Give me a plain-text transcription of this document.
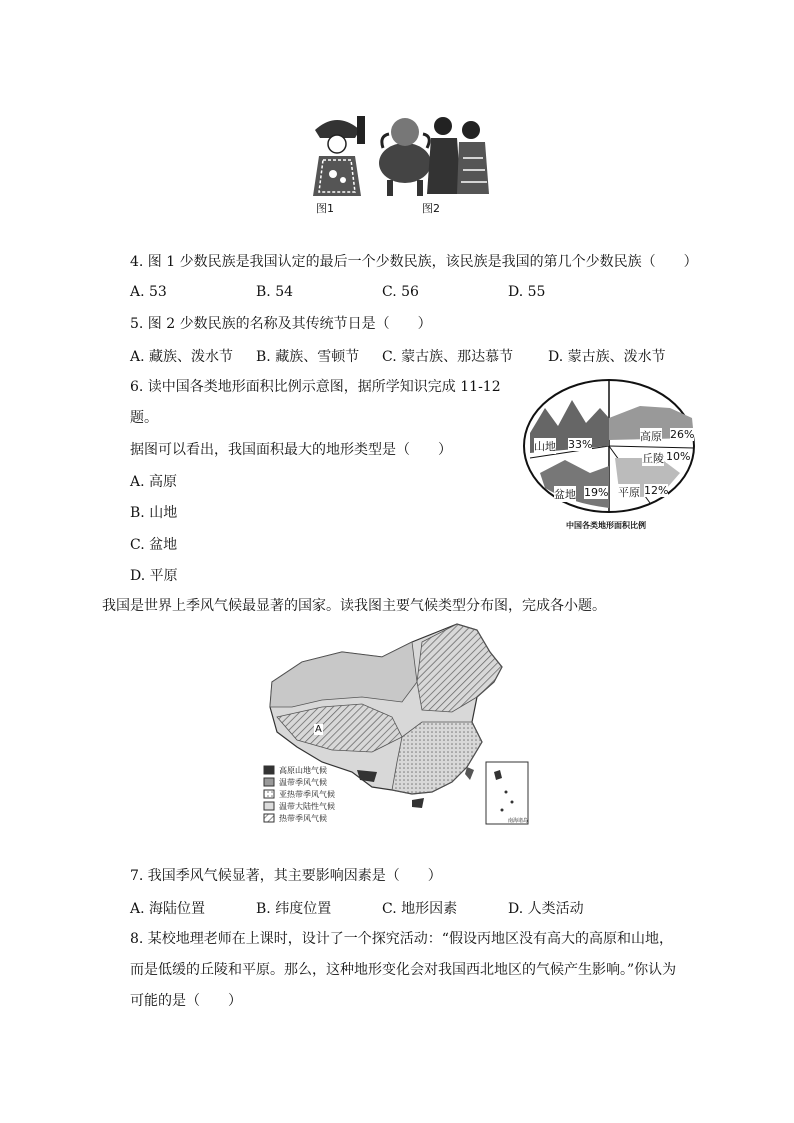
图1	图2
4. 图 1 少数民族是我国认定的最后一个少数民族，该民族是我国的第几个少数民族（　　）
A. 53	B. 54	C. 56	D. 55
5. 图 2 少数民族的名称及其传统节日是（　　）
A. 藏族、泼水节 B. 藏族、雪顿节 C. 蒙古族、那达慕节 D. 蒙古族、泼水节
6. 读中国各类地形面积比例示意图，据所学知识完成 11-12
题。
据图可以看出，我国面积最大的地形类型是（　　）
A. 高原
B. 山地
C. 盆地
D. 平原
山地 33%
高原 26%
丘陵 10%
盆地 19% 平原 12%
中国各类地形面积比例
我国是世界上季风气候最显著的国家。读我图主要气候类型分布图，完成各小题。
A
高原山地气候
温带季风气候
亚热带季风气候
温带大陆性气候
热带季风气候	南海诸岛
7. 我国季风气候显著，其主要影响因素是（　　）
A. 海陆位置	B. 纬度位置	C. 地形因素	D. 人类活动
8. 某校地理老师在上课时，设计了一个探究活动：“假设丙地区没有高大的高原和山地，
而是低缓的丘陵和平原。那么，这种地形变化会对我国西北地区的气候产生影响。”你认为
可能的是（　　）
